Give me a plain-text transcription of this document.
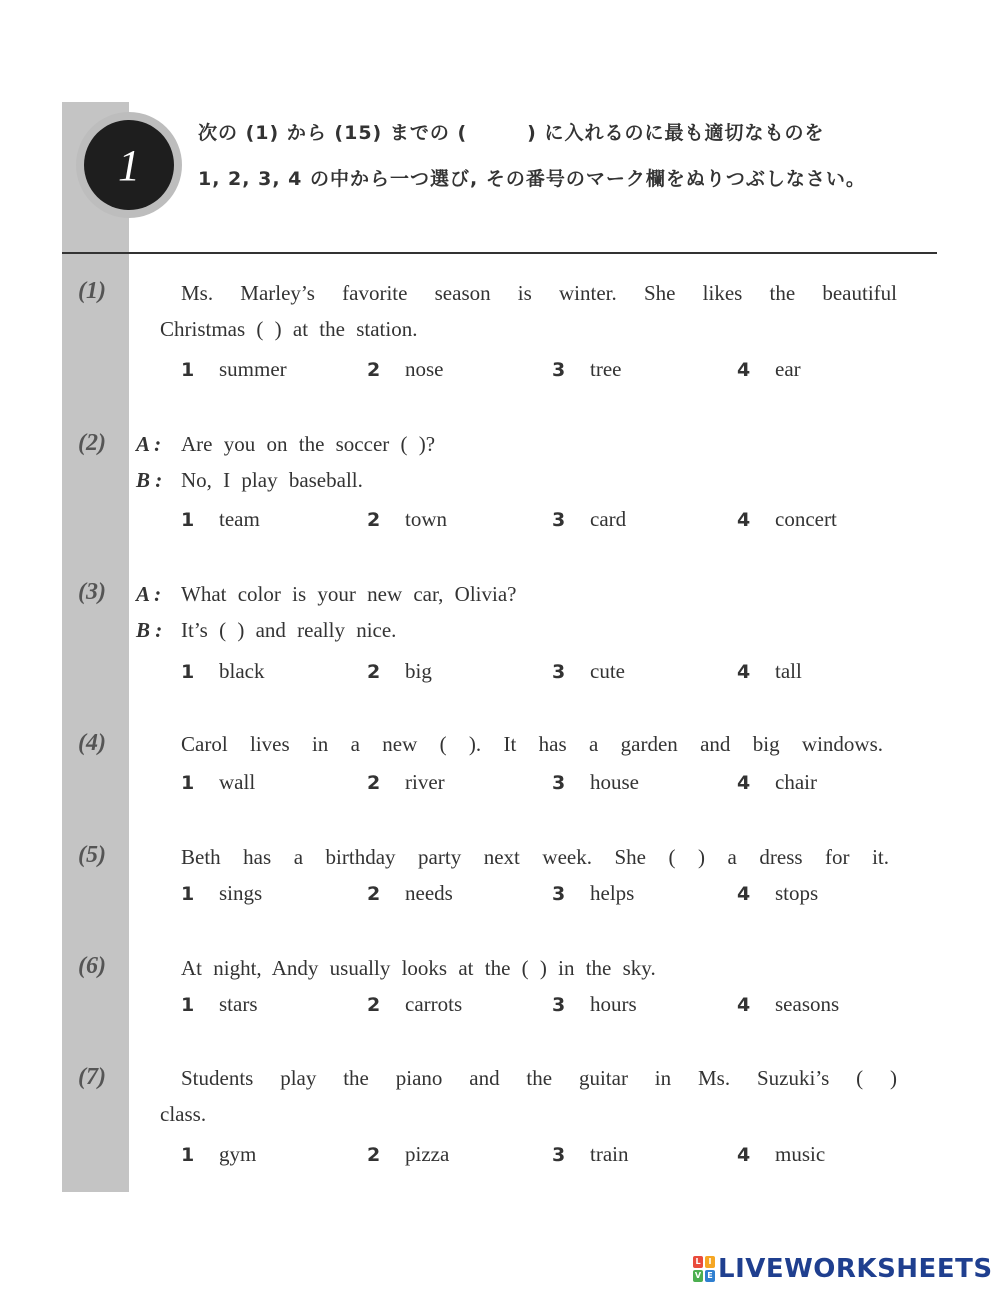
1
次の (1) から (15) までの (　　　) に入れるのに最も適切なものを
1, 2, 3, 4 の中から一つ選び, その番号のマーク欄をぬりつぶしなさい。
(1)	Ms. Marley’s favorite season is winter. She likes the beautiful
Christmas ( ) at the station.
1 summer	2 nose	3 tree	4 ear
(2) A : Are you on the soccer ( )?
B : No, I play baseball.
1 team	2 town	3 card	4 concert
(3) A : What color is your new car, Olivia?
B : It’s ( ) and really nice.
1 black	2 big	3 cute	4 tall
(4)	Carol lives in a new ( ). It has a garden and big windows.
1 wall	2 river	3 house	4 chair
(5)	Beth has a birthday party next week. She ( ) a dress for it.
1 sings	2 needs	3 helps	4 stops
(6)	At night, Andy usually looks at the ( ) in the sky.
1 stars	2 carrots	3 hours	4 seasons
(7)	Students play the piano and the guitar in Ms. Suzuki’s ( )
class.
1 gym	2 pizza	3 train	4 music
L I
V E LIVEWORKSHEETS
